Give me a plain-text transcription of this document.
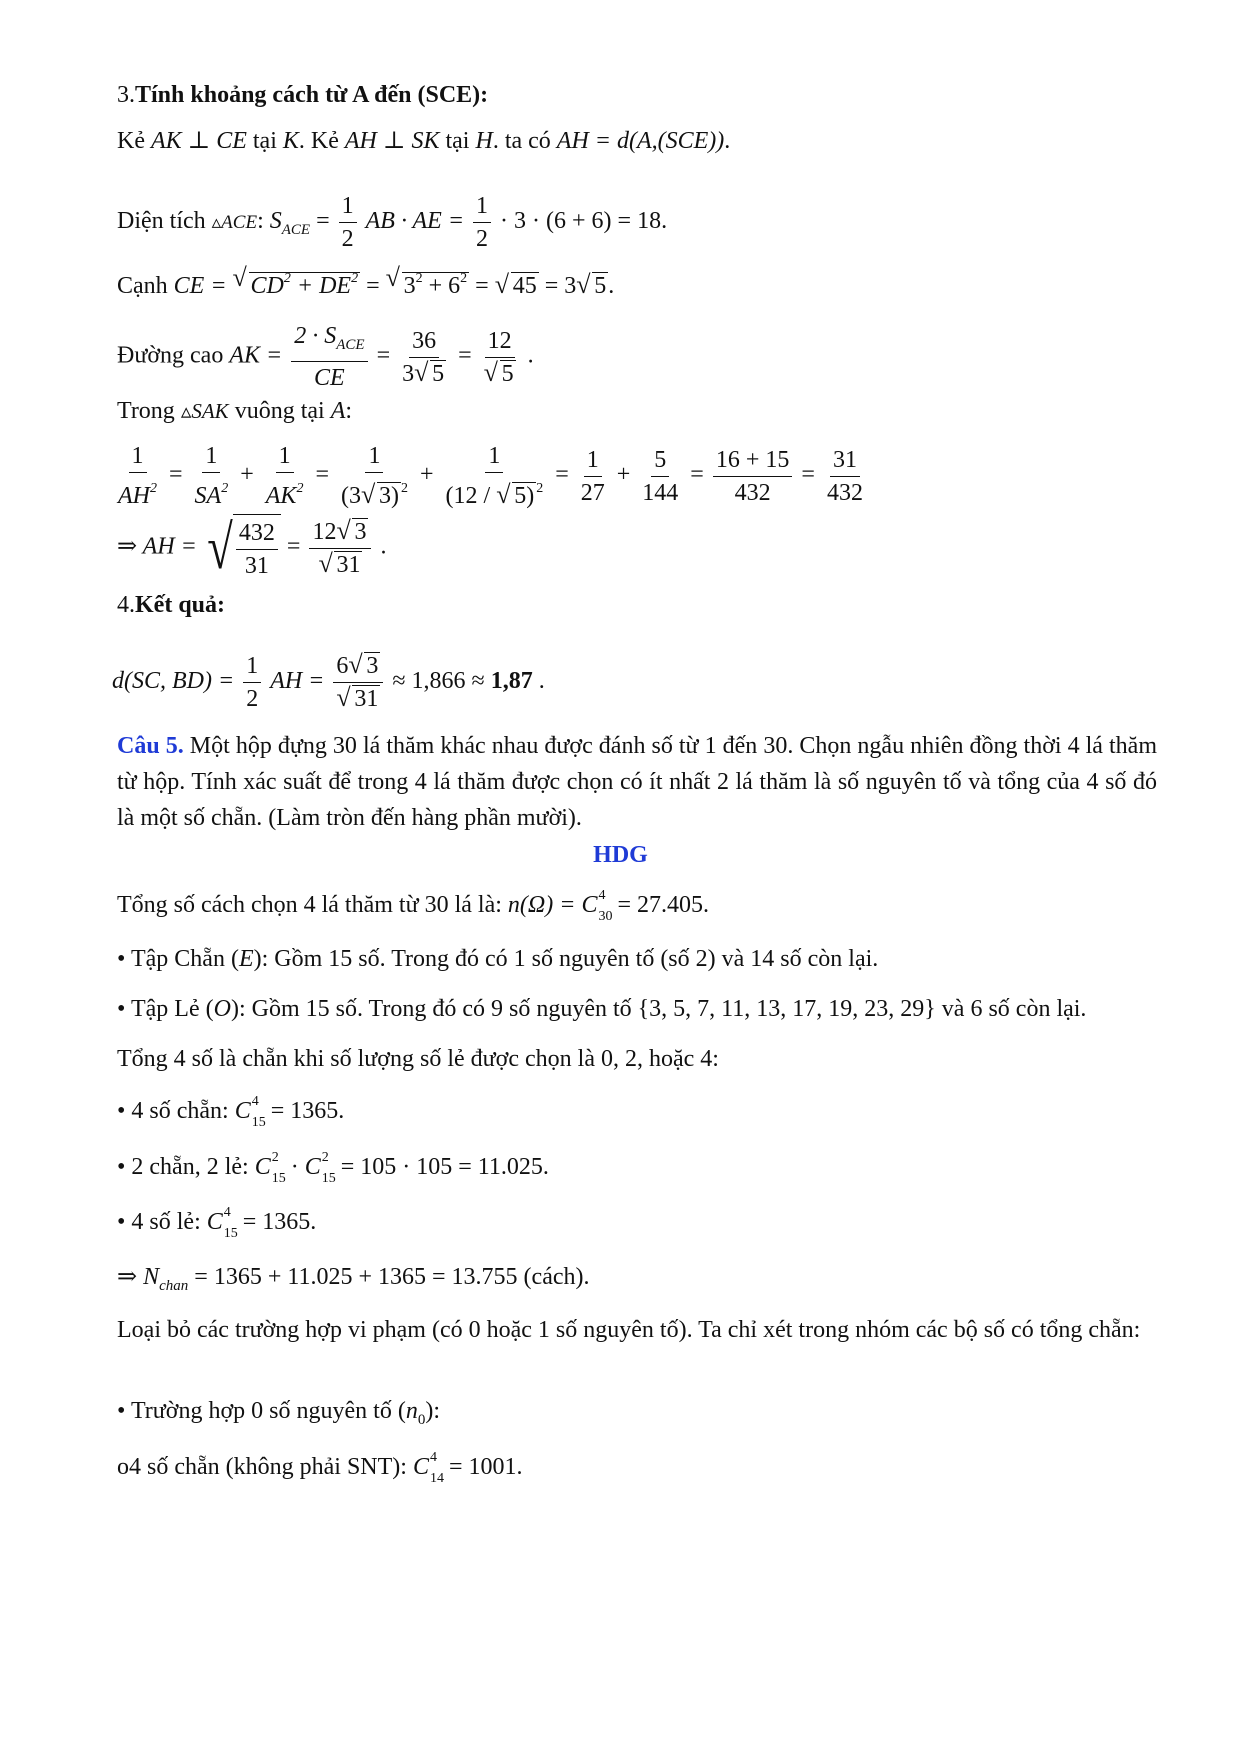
3.Tính khoảng cách từ A đến (SCE):
Kẻ AK ⊥ CE tại K. Kẻ AH ⊥ SK tại H. ta có AH = d(A,(SCE)).
Diện tích ▵ACE: $S_{ACE} = \frac{1}{2}$ AB · AE = $\frac{1}{2} \cdot 3 \cdot (6 + 6) = 18$.
Cạnh CE = √ $CD^2 + DE^2$ = √ $3^2 + 6^2$ = √ 45 = 3√ 5.
Đường cao AK = $\frac{2 \cdot S_{ACE}}{CE} = \frac{36}{3√ 5} = 12$
√ 5 .
Trong ▵SAK vuông tại A:
$\frac{1}{AH^2} = \frac{1}{SA^2} + \frac{1}{AK^2} = \frac{1}{(3√ 3) ^2} + \frac{1}{(12 / √ 5) ^2} = \frac{1}{27} + \frac{5}{144} = \frac{16 + 15}{432} = \frac{31}{432}$
⇒ AH = √ $\frac{432}{31} = 12√$ 3
√ 31 .
4.Kết quả:
d(SC, $BD) = \frac{1}{2}$ AH = 6√ 3
√ 31 ≈ 1,866 ≈ 1,87 .
Câu 5. Một hộp đựng 30 lá thăm khác nhau được đánh số từ 1 đến 30. Chọn ngẫu nhiên đồng thời 4 lá thăm từ hộp. Tính xác suất để trong 4 lá thăm được chọn có ít nhất 2 lá thăm là số nguyên tố và tổng của 4 số đó là một số chẵn. (Làm tròn đến hàng phần mười).
HDG
Tổng số cách chọn 4 lá thăm từ 30 lá là: n(Ω) = C 4
30 = 27.405.
• Tập Chẵn (E): Gồm 15 số. Trong đó có 1 số nguyên tố (số 2) và 14 số còn lại.
• Tập Lẻ (O): Gồm 15 số. Trong đó có 9 số nguyên tố {3, 5, 7, 11, 13, 17, 19, 23, 29} và 6 số còn lại.
Tổng 4 số là chẵn khi số lượng số lẻ được chọn là 0, 2, hoặc 4:
• 4 số chẵn: C 4
15 = 1365.
• 2 chẵn, 2 lẻ: C 2
15 · C 2
15 = 105 · 105 = 11.025.
• 4 số lẻ: C 4
15 = 1365.
⇒ $N_{chan} = 1365 + 11.025 + 1365 = 13.755$ (cách).
Loại bỏ các trường hợp vi phạm (có 0 hoặc 1 số nguyên tố). Ta chỉ xét trong nhóm các bộ số có tổng chẵn:
• Trường hợp 0 số nguyên tố $(n_0)$:
o4 số chẵn (không phải SNT): C 4
14 = 1001.
